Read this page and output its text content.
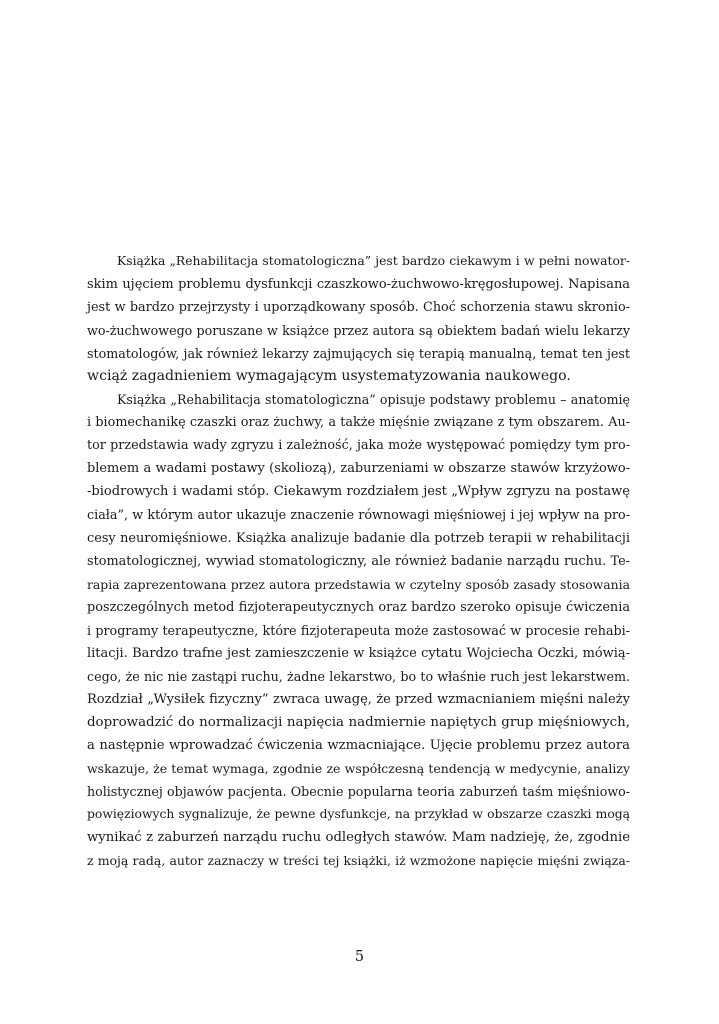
Książka „Rehabilitacja stomatologiczna” jest bardzo ciekawym i w pełni nowator-
skim ujęciem problemu dysfunkcji czaszkowo-żuchwowo-kręgosłupowej. Napisana
jest w bardzo przejrzysty i uporządkowany sposób. Choć schorzenia stawu skronio-
wo-żuchwowego poruszane w książce przez autora są obiektem badań wielu lekarzy
stomatologów, jak również lekarzy zajmujących się terapią manualną, temat ten jest
wciąż zagadnieniem wymagającym usystematyzowania naukowego.
Książka „Rehabilitacja stomatologiczna” opisuje podstawy problemu – anatomię
i biomechanikę czaszki oraz żuchwy, a także mięśnie związane z tym obszarem. Au-
tor przedstawia wady zgryzu i zależność, jaka może występować pomiędzy tym pro-
blemem a wadami postawy (skoliozą), zaburzeniami w obszarze stawów krzyżowo-
-biodrowych i wadami stóp. Ciekawym rozdziałem jest „Wpływ zgryzu na postawę
ciała”, w którym autor ukazuje znaczenie równowagi mięśniowej i jej wpływ na pro-
cesy neuromięśniowe. Książka analizuje badanie dla potrzeb terapii w rehabilitacji
stomatologicznej, wywiad stomatologiczny, ale również badanie narządu ruchu. Te-
rapia zaprezentowana przez autora przedstawia w czytelny sposób zasady stosowania
poszczególnych metod fizjoterapeutycznych oraz bardzo szeroko opisuje ćwiczenia
i programy terapeutyczne, które fizjoterapeuta może zastosować w procesie rehabi-
litacji. Bardzo trafne jest zamieszczenie w książce cytatu Wojciecha Oczki, mówią-
cego, że nic nie zastąpi ruchu, żadne lekarstwo, bo to właśnie ruch jest lekarstwem.
Rozdział „Wysiłek fizyczny” zwraca uwagę, że przed wzmacnianiem mięśni należy
doprowadzić do normalizacji napięcia nadmiernie napiętych grup mięśniowych,
a następnie wprowadzać ćwiczenia wzmacniające. Ujęcie problemu przez autora
wskazuje, że temat wymaga, zgodnie ze współczesną tendencją w medycynie, analizy
holistycznej objawów pacjenta. Obecnie popularna teoria zaburzeń taśm mięśniowo-
powięziowych sygnalizuje, że pewne dysfunkcje, na przykład w obszarze czaszki mogą
wynikać z zaburzeń narządu ruchu odległych stawów. Mam nadzieję, że, zgodnie
z moją radą, autor zaznaczy w treści tej książki, iż wzmożone napięcie mięśni związa-
5
